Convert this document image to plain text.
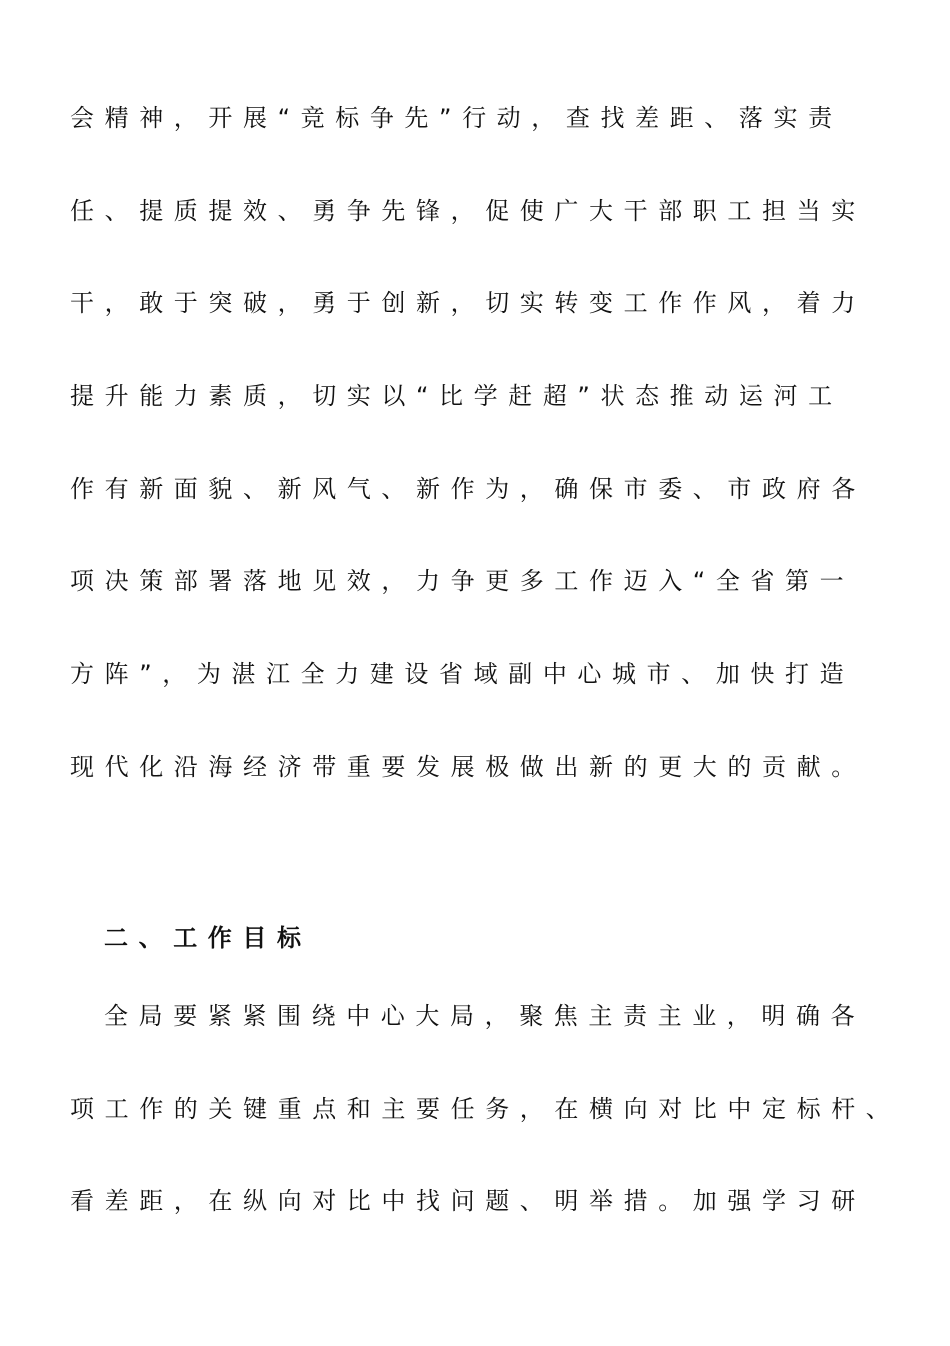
会精神，开展“竞标争先”行动，查找差距、落实责
任、提质提效、勇争先锋，促使广大干部职工担当实
干，敢于突破，勇于创新，切实转变工作作风，着力
提升能力素质，切实以“比学赶超”状态推动运河工
作有新面貌、新风气、新作为，确保市委、市政府各
项决策部署落地见效，力争更多工作迈入“全省第一
方阵”，为湛江全力建设省域副中心城市、加快打造
现代化沿海经济带重要发展极做出新的更大的贡献。
二、工作目标
全局要紧紧围绕中心大局，聚焦主责主业，明确各
项工作的关键重点和主要任务，在横向对比中定标杆、
看差距，在纵向对比中找问题、明举措。加强学习研
